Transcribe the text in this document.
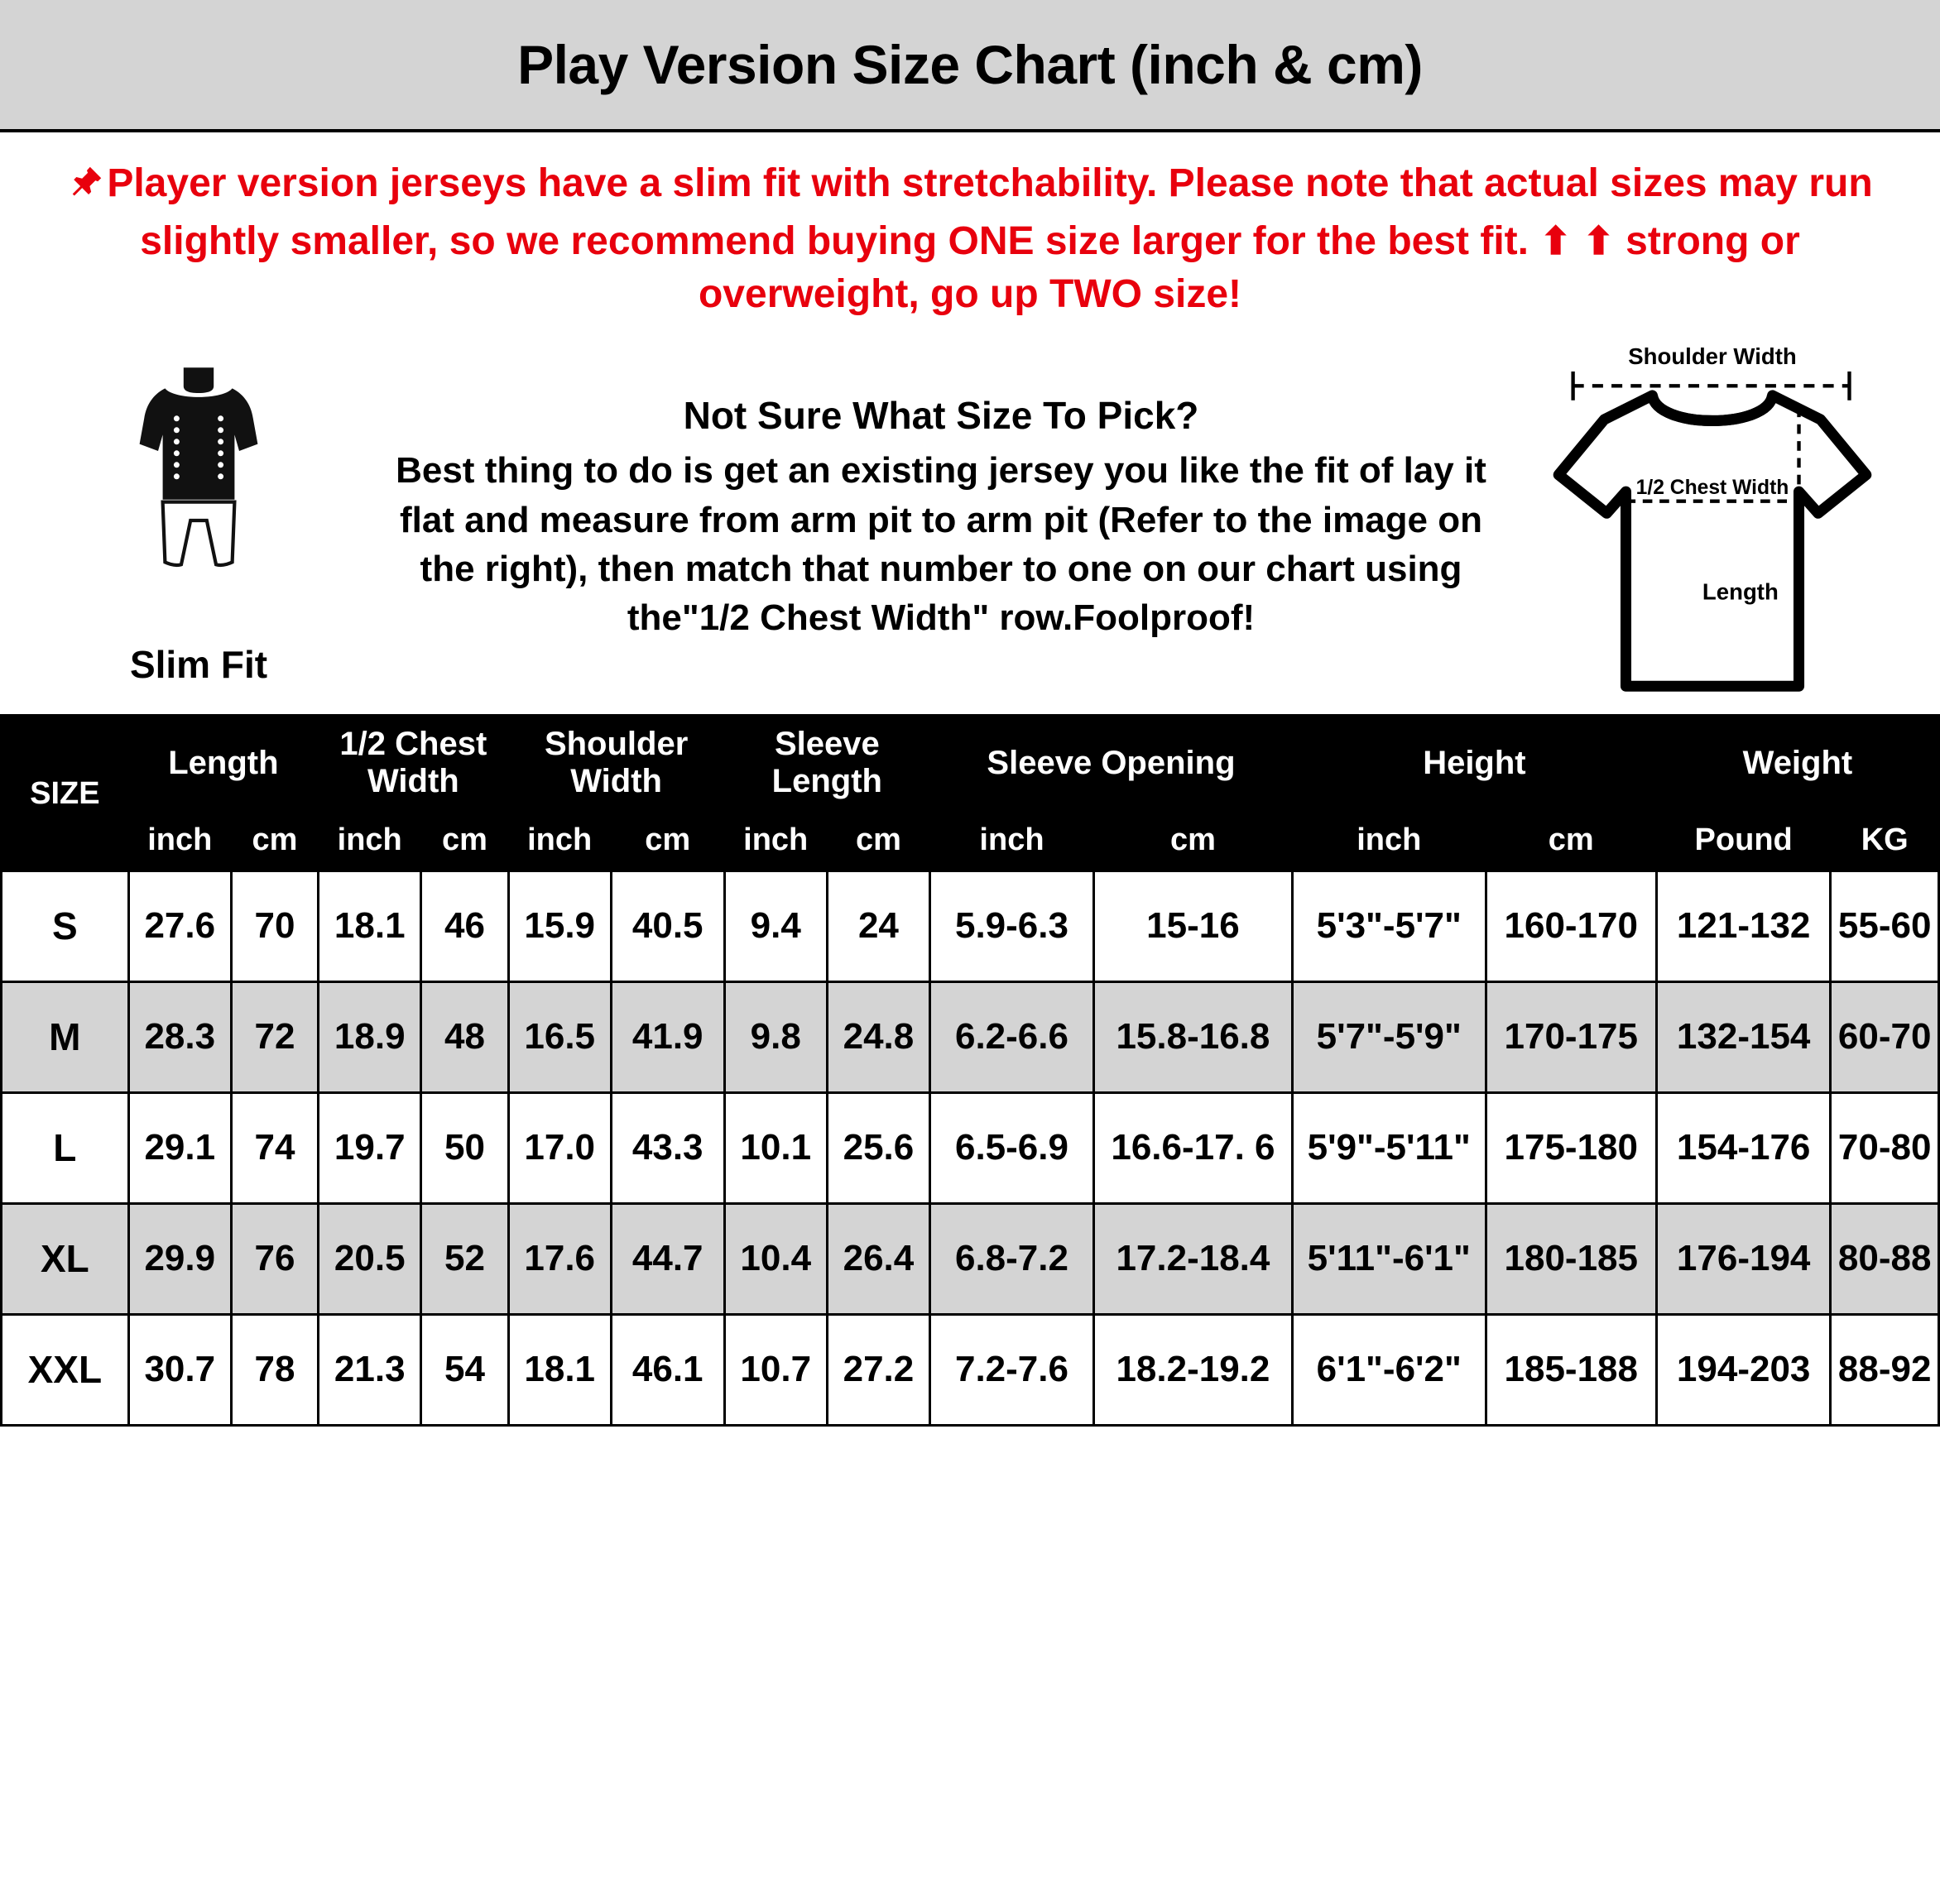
Play Version Size Chart (inch & cm)
Player version jerseys have a slim fit with stretchability. Please note that actual sizes may run slightly smaller, so we recommend buying ONE size larger for the best fit. ⬆ ⬆ strong or overweight, go up TWO size!
Slim Fit

Not Sure What Size To Pick?

Best thing to do is get an existing jersey you like the fit of lay it flat and measure from arm pit to arm pit (Refer to the image on the right), then match that number to one on our chart using the"1/2 Chest Width" row.Foolproof!

Shoulder Width
1/2 Chest Width
Length
SIZE	Length		1/2 Chest Width		Shoulder Width		Sleeve Length		Sleeve Opening		Height		Weight	
	inch	cm	inch	cm	inch	cm	inch	cm	inch	cm	inch	cm	Pound	KG
S	27.6	70	18.1	46	15.9	40.5	9.4	24	5.9-6.3	15-16	5'3"-5'7"	160-170	121-132	55-60
M	28.3	72	18.9	48	16.5	41.9	9.8	24.8	6.2-6.6	15.8-16.8	5'7"-5'9"	170-175	132-154	60-70
L	29.1	74	19.7	50	17.0	43.3	10.1	25.6	6.5-6.9	16.6-17. 6	5'9"-5'11"	175-180	154-176	70-80
XL	29.9	76	20.5	52	17.6	44.7	10.4	26.4	6.8-7.2	17.2-18.4	5'11"-6'1"	180-185	176-194	80-88
XXL	30.7	78	21.3	54	18.1	46.1	10.7	27.2	7.2-7.6	18.2-19.2	6'1"-6'2"	185-188	194-203	88-92
